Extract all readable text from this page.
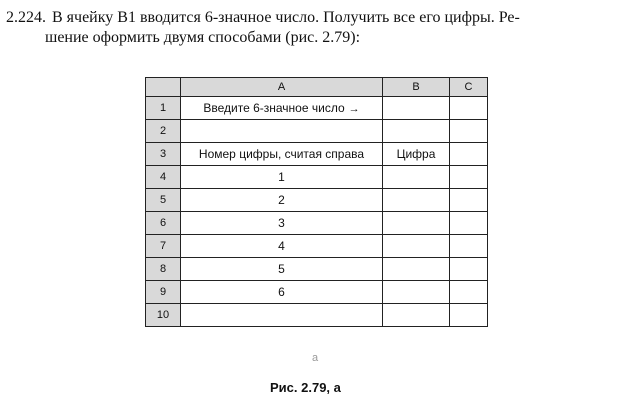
2.224. В ячейку B1 вводится 6-значное число. Получить все его цифры. Ре-
шение оформить двумя способами (рис. 2.79):
	A	B	C
1	Введите 6-значное число →		
2			
3	Номер цифры, считая справа	Цифра	
4	1		
5	2		
6	3		
7	4		
8	5		
9	6		
10			
а
Рис. 2.79, а
